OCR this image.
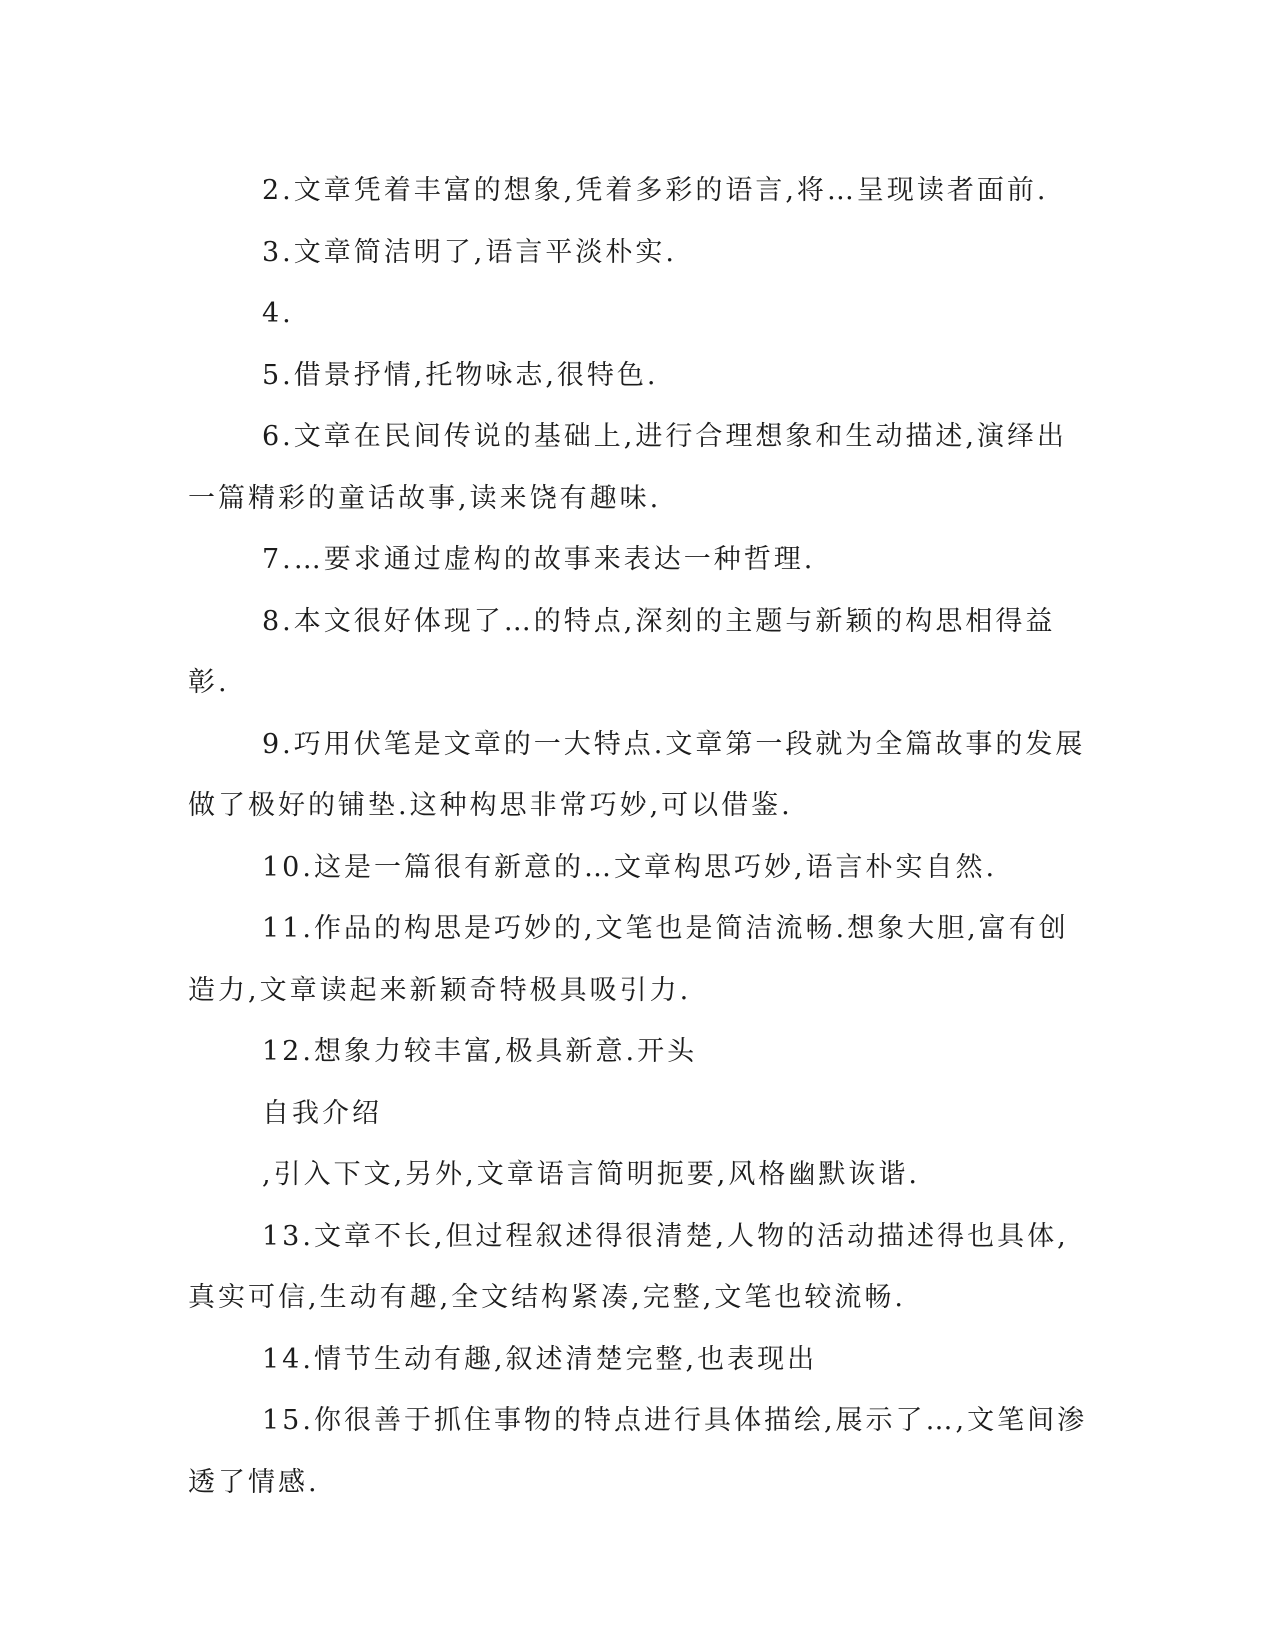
2.文章凭着丰富的想象,凭着多彩的语言,将…呈现读者面前.

3.文章简洁明了,语言平淡朴实.

4.

5.借景抒情,托物咏志,很特色.

6.文章在民间传说的基础上,进行合理想象和生动描述,演绎出一篇精彩的童话故事,读来饶有趣味.

7.…要求通过虚构的故事来表达一种哲理.

8.本文很好体现了…的特点,深刻的主题与新颖的构思相得益彰.

9.巧用伏笔是文章的一大特点.文章第一段就为全篇故事的发展做了极好的铺垫.这种构思非常巧妙,可以借鉴.

10.这是一篇很有新意的…文章构思巧妙,语言朴实自然.

11.作品的构思是巧妙的,文笔也是简洁流畅.想象大胆,富有创造力,文章读起来新颖奇特极具吸引力.

12.想象力较丰富,极具新意.开头

自我介绍

,引入下文,另外,文章语言简明扼要,风格幽默诙谐.

13.文章不长,但过程叙述得很清楚,人物的活动描述得也具体,真实可信,生动有趣,全文结构紧凑,完整,文笔也较流畅.

14.情节生动有趣,叙述清楚完整,也表现出

15.你很善于抓住事物的特点进行具体描绘,展示了…,文笔间渗透了情感.
